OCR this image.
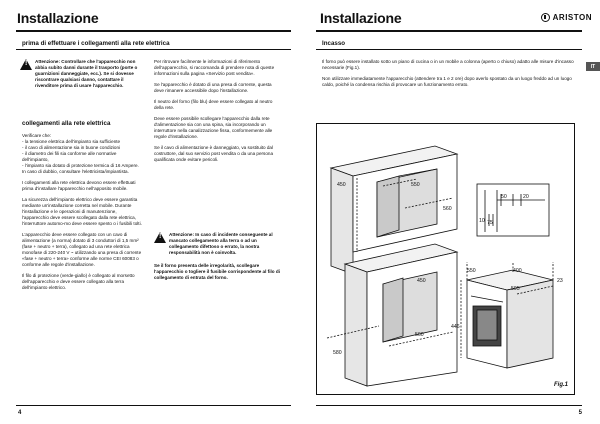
Installazione
prima di effettuare i collegamenti alla rete elettrica
! Attenzione: Controllare che l'apparecchio non abbia subito danni durante il trasporto (porte o guarnizioni danneggiate, ecc.). Se si dovesse riscontrare qualsiasi danno, contattare il rivenditore prima di usare l'apparecchio.
collegamenti alla rete elettrica
Verificare che:
- la tensione elettrica dell'impianto sia sufficiente
- il cavo di alimentazione sia in buone condizioni
- il diametro dei fili sia conforme alle normative dell'impianto,
- l'impianto sia dotato di protezione termica di 16 Ampere.

In caso di dubbio, consultare l'elettricista/impiantista.

I collegamenti alla rete elettrica devono essere effettuati prima d'installare l'apparecchio nell'apposito mobile.

La sicurezza dell'impianto elettrico deve essere garantita mediante un'installazione corretta nel mobile. Durante l'installazione e le operazioni di manutenzione, l'apparecchio deve essere scollegato dalla rete elettrica, l'interruttore automo-mo deve essere spento o i fusibili tolti.

L'apparecchio deve essere collegato con un cavo di alimentazione (a norma) dotato di 3 conduttori di 1,5 mm² (fase + neutro + terra), collegato ad una rete elettrica monofase di 220-240 V ~ utilizzando una presa di corrente «fase + neutro + terra» conforme alle norme CEI 60083 o conforme alle regole d'installazione.

Il filo di protezione (verde-giallo) è collegato al morsetto dell'apparecchio e deve essere collegato alla terra dell'impianto elettrico.

Per ritrovare facilmente le informazioni di riferimento dell'apparecchio, si raccomanda di prendere nota di queste informazioni sulla pagina «Servizio post vendita».

Se l'apparecchio è dotato di una presa di corrente, questa deve rimanere accessibile dopo l'installazione.

Il neutro del forno (filo blu) deve essere collegato al neutro della rete.

Deve essere possibile scollegare l'apparecchio dalla rete d'alimentazione sia con una spina, sia incorporando un interruttore nella canalizzazione fissa, conformemente alle regole d'installazione.

Se il cavo di alimentazione è danneggiato, va sostituito dal costruttore, dal suo servizio post vendita o da una persona qualificata onde evitare pericoli.

! Attenzione: In caso di incidente conseguente al mancato collegamento alla terra o ad un collegamento difettoso o errato, la nostra responsabilità non è coinvolta.
Se il forno presenta delle irregolarità, scollegare l'apparecchio o togliere il fusibile corrispondente al filo di collegamento di entrata del forno.
4
Installazione	ARISTON
Incasso
IT

Il forno può essere installato sotto un piano di cucina o in un mobile a colonna (aperto o chiuso) adatto alle misure d'incasso necessarie (Fig.1).

Non utilizzare immediatamente l'apparecchio (attendere tra 1 e 2 ore) dopo averlo spostato da un luogo freddo ad un luogo caldo, poiché la condensa rischia di provocare un funzionamento errato.

450	550
560
50	20
10 75
550	400
23
595
450
446
580
560
Fig.1
5
